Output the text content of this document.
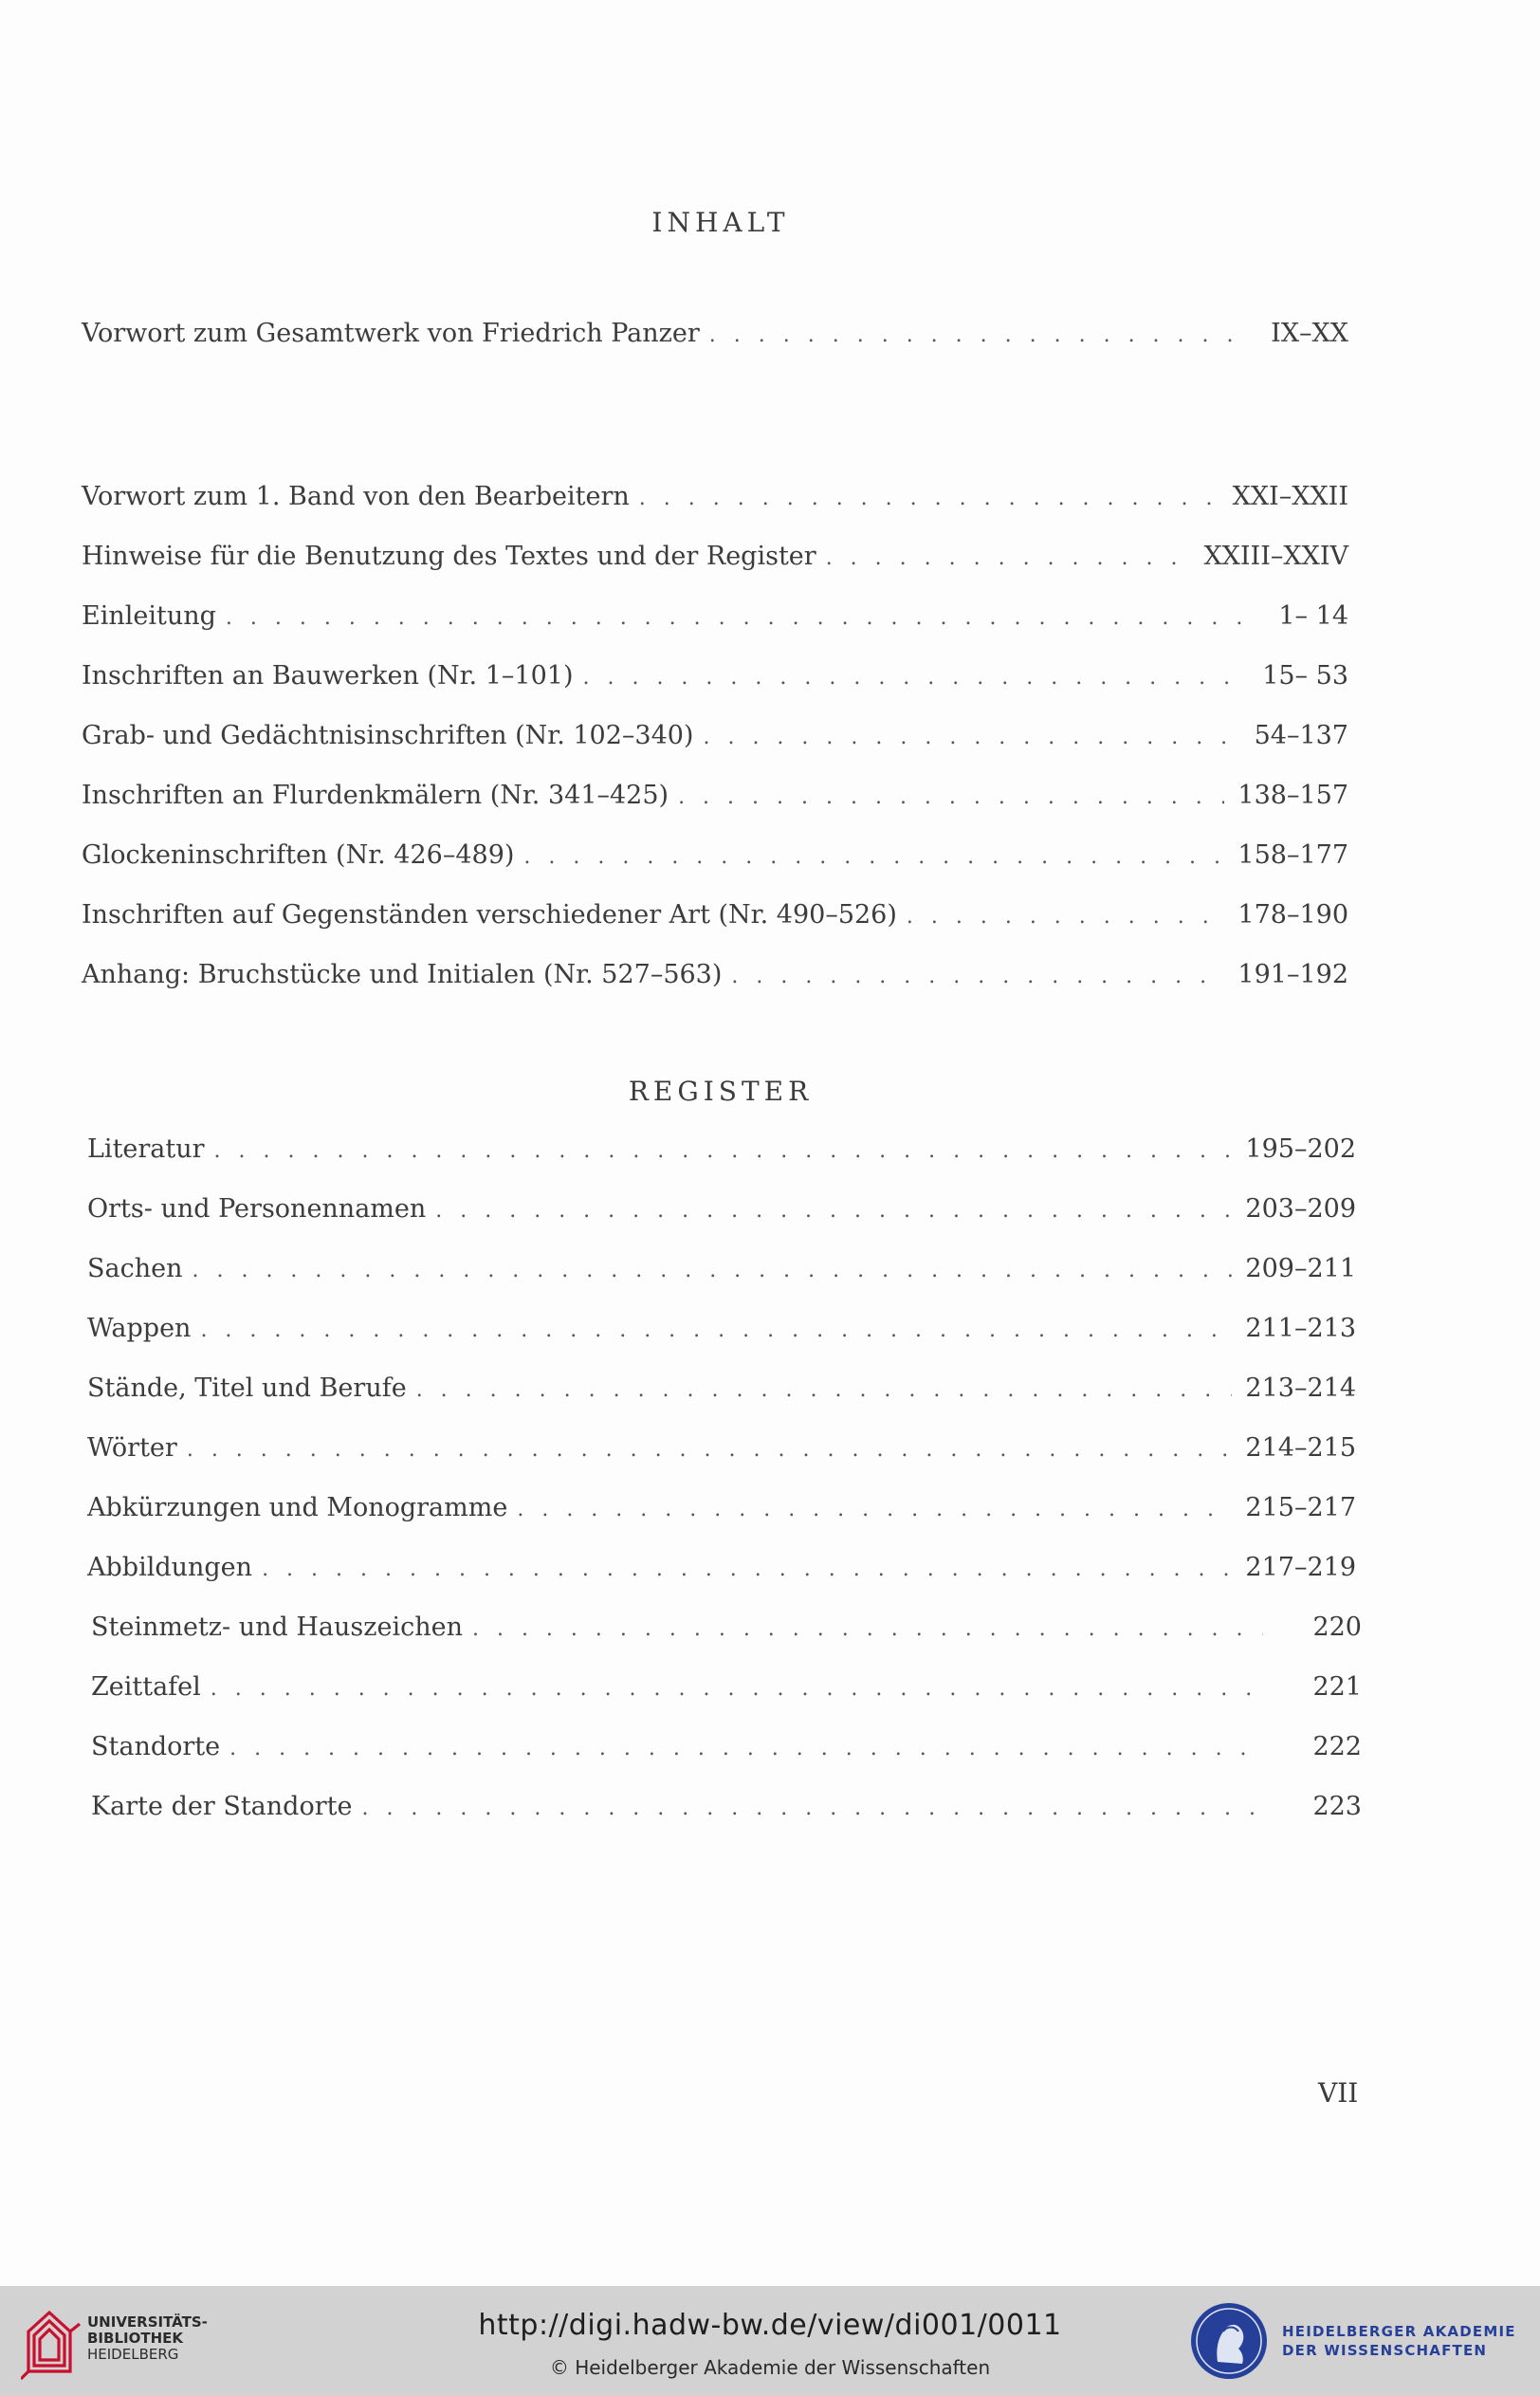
INHALT
Vorwort zum Gesamtwerk von Friedrich Panzer . . .	IX–XX
Vorwort zum 1. Band von den Bearbeitern . . .	XXI–XXII
Hinweise für die Benutzung des Textes und der Register . . .	XXIII–XXIV
Einleitung . . .	1– 14
Inschriften an Bauwerken (Nr. 1–101) . . .	15– 53
Grab- und Gedächtnisinschriften (Nr. 102–340) . . .	54–137
Inschriften an Flurdenkmälern (Nr. 341–425) . . .	138–157
Glockeninschriften (Nr. 426–489) . . .	158–177
Inschriften auf Gegenständen verschiedener Art (Nr. 490–526) . . .	178–190
Anhang: Bruchstücke und Initialen (Nr. 527–563) . . .	191–192
REGISTER
Literatur . . .	195–202
Orts- und Personennamen . . .	203–209
Sachen . . .	209–211
Wappen . . .	211–213
Stände, Titel und Berufe . . .	213–214
Wörter . . .	214–215
Abkürzungen und Monogramme . . .	215–217
Abbildungen . . .	217–219
Steinmetz- und Hauszeichen . . .	220
Zeittafel . . .	221
Standorte . . .	222
Karte der Standorte . . .	223
VII
UNIVERSITÄTS-
BIBLIOTHEK
HEIDELBERG
http://digi.hadw-bw.de/view/di001/0011
© Heidelberger Akademie der Wissenschaften
HEIDELBERGER AKADEMIE
DER WISSENSCHAFTEN
